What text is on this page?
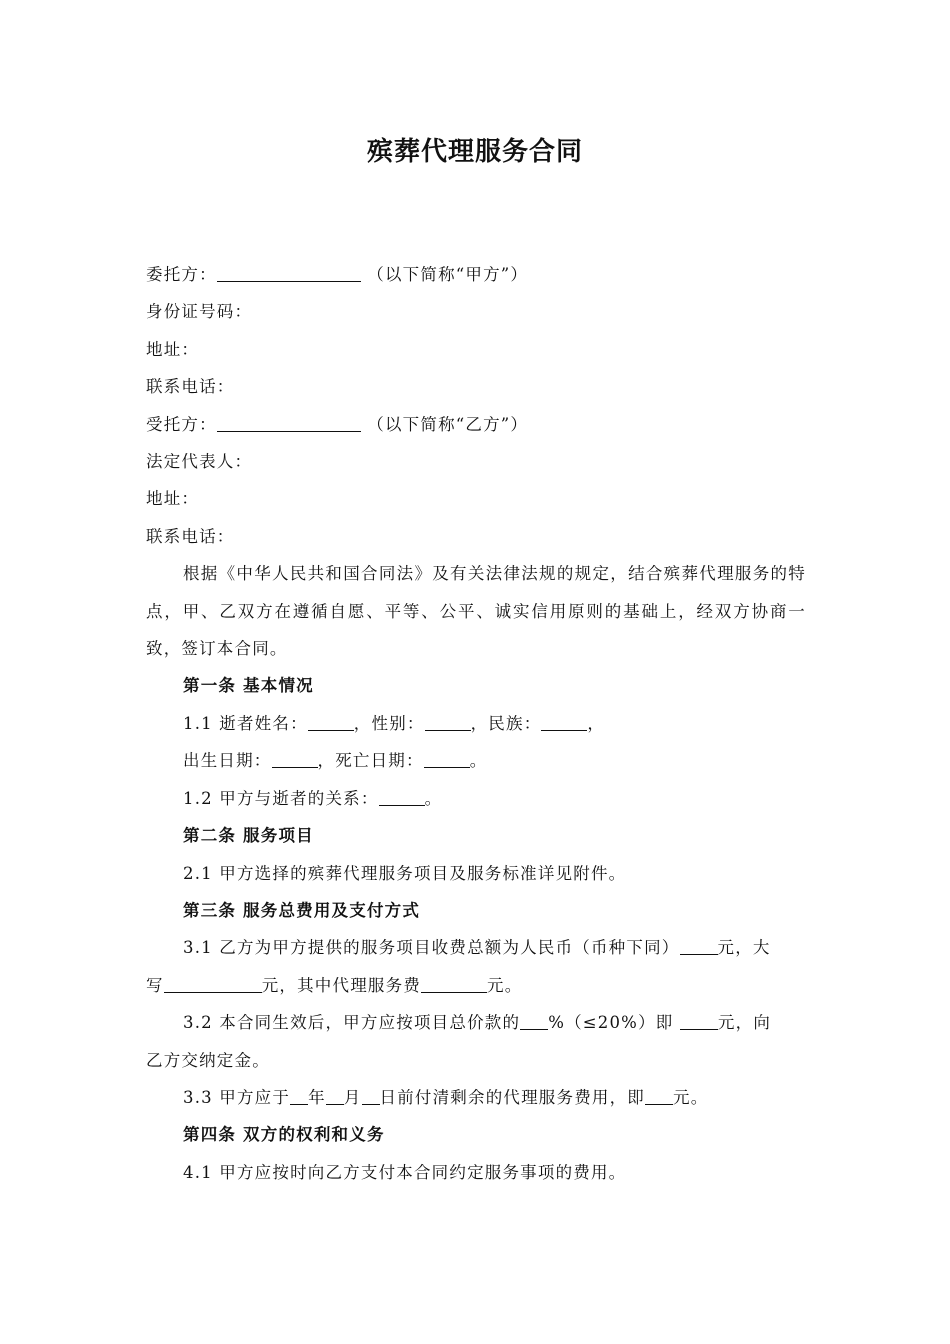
殡葬代理服务合同
委托方：	（以下简称“甲方”）
身份证号码：
地址：
联系电话：
受托方：	（以下简称“乙方”）
法定代表人：
地址：
联系电话：
根据《中华人民共和国合同法》及有关法律法规的规定，结合殡葬代理服务的特点，甲、乙双方在遵循自愿、平等、公平、诚实信用原则的基础上，经双方协商一致，签订本合同。
第一条 基本情况
1.1 逝者姓名：	，性别：	，民族：	，
出生日期：	，死亡日期：	。
1.2 甲方与逝者的关系：	。
第二条 服务项目
2.1 甲方选择的殡葬代理服务项目及服务标准详见附件。
第三条 服务总费用及支付方式
3.1 乙方为甲方提供的服务项目收费总额为人民币（币种下同） 元，大
写	元，其中代理服务费	元。
3.2 本合同生效后，甲方应按项目总价款的 %（≤20%）即 元，向
乙方交纳定金。
3.3 甲方应于 年 月 日前付清剩余的代理服务费用，即 元。
第四条 双方的权利和义务
4.1 甲方应按时向乙方支付本合同约定服务事项的费用。
